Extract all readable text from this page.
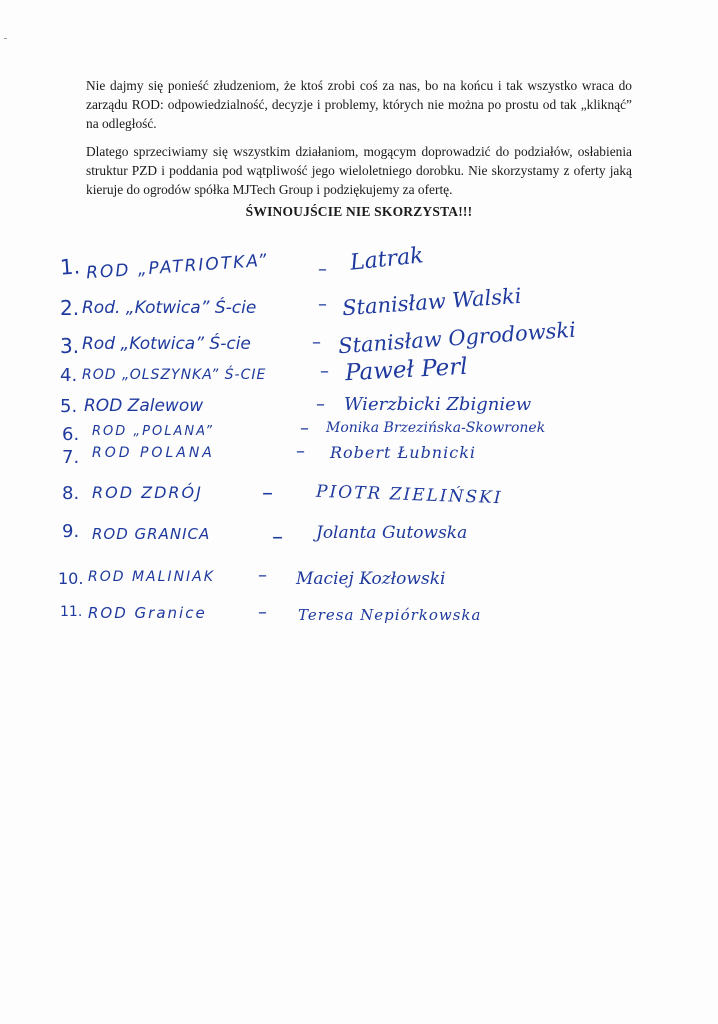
Nie dajmy się ponieść złudzeniom, że ktoś zrobi coś za nas, bo na końcu i tak wszystko wraca do zarządu ROD: odpowiedzialność, decyzje i problemy, których nie można po prostu od tak „kliknąć” na odległość.

Dlatego sprzeciwiamy się wszystkim działaniom, mogącym doprowadzić do podziałów, osłabienia struktur PZD i poddania pod wątpliwość jego wieloletniego dorobku. Nie skorzystamy z oferty jaką kieruje do ogrodów spółka MJTech Group i podziękujemy za ofertę.

ŚWINOUJŚCIE NIE SKORZYSTA!!!

1. ROD „PATRIOTKA”	– Latrak
2. Rod. „Kotwica” Ś-cie	– Stanisław Walski
3. Rod „Kotwica” Ś-cie	– Stanisław Ogrodowski
4. ROD „OLSZYNKA” Ś-CIE	– Paweł Perl
5. ROD Zalewow	– Wierzbicki Zbigniew
6. ROD „POLANA”	– Monika Brzezińska-Skowronek
7. ROD POLANA	– Robert Łubnicki
8. ROD ZDRÓJ	–	PIOTR ZIELIŃSKI
9. ROD GRANICA	– Jolanta Gutowska
10. ROD MALINIAK – Maciej Kozłowski
11. ROD Granice	– Teresa Nepiórkowska
